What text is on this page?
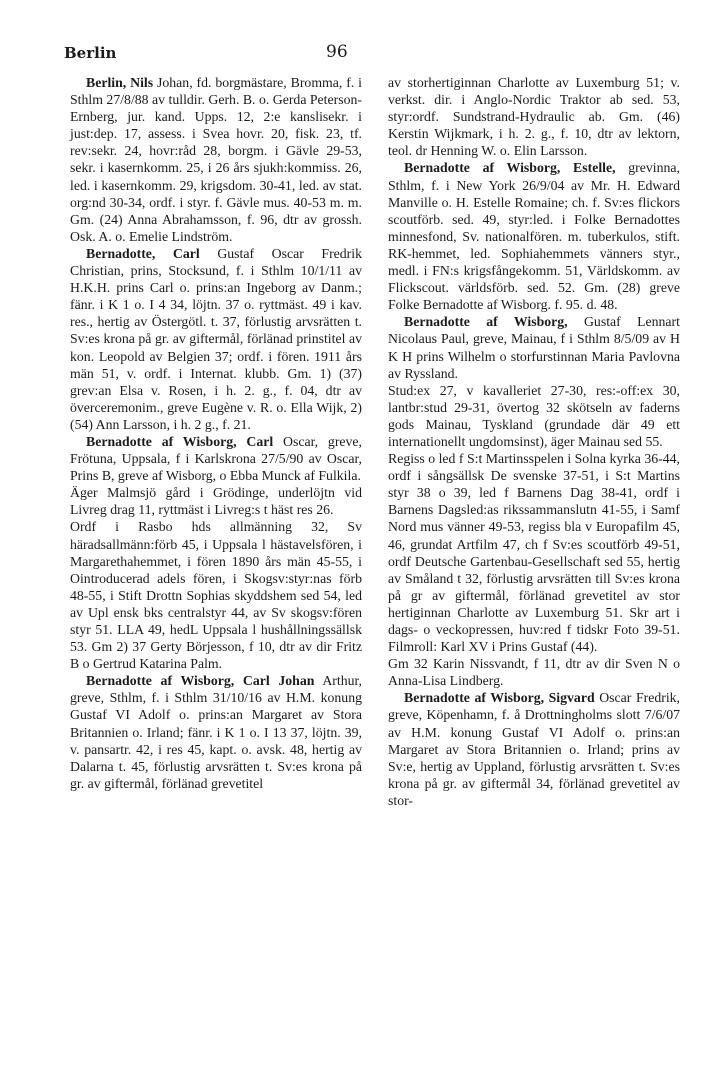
Berlin	96

Berlin, Nils Johan, fd. borgmästare, Bromma, f. i Sthlm 27/8/88 av tulldir. Gerh. B. o. Gerda Peterson-Ernberg, jur. kand. Upps. 12, 2:e kanslisekr. i just:dep. 17, assess. i Svea hovr. 20, fisk. 23, tf. rev:sekr. 24, hovr:råd 28, borgm. i Gävle 29-53, sekr. i kasernkomm. 25, i 26 års sjukh:kommiss. 26, led. i kasernkomm. 29, krigsdom. 30-41, led. av stat. org:nd 30-34, ordf. i styr. f. Gävle mus. 40-53 m. m. Gm. (24) Anna Abrahamsson, f. 96, dtr av grossh. Osk. A. o. Emelie Lindström.

Bernadotte, Carl Gustaf Oscar Fredrik Christian, prins, Stocksund, f. i Sthlm 10/1/11 av H.K.H. prins Carl o. prins:an Ingeborg av Danm.; fänr. i K 1 o. I 4 34, löjtn. 37 o. ryttmäst. 49 i kav. res., hertig av Östergötl. t. 37, förlustig arvsrätten t. Sv:es krona på gr. av giftermål, förlänad prinstitel av kon. Leopold av Belgien 37; ordf. i fören. 1911 års män 51, v. ordf. i Internat. klubb. Gm. 1) (37) grev:an Elsa v. Rosen, i h. 2. g., f. 04, dtr av överceremonim., greve Eugène v. R. o. Ella Wijk, 2) (54) Ann Larsson, i h. 2 g., f. 21.

Bernadotte af Wisborg, Carl Oscar, greve, Frötuna, Uppsala, f i Karlskrona 27/5/90 av Oscar, Prins B, greve af Wisborg, o Ebba Munck af Fulkila.

Äger Malmsjö gård i Grödinge, underlöjtn vid Livreg drag 11, ryttmäst i Livreg:s t häst res 26.

Ordf i Rasbo hds allmänning 32, Sv häradsallmänn:förb 45, i Uppsala l hästavelsfören, i Margarethahemmet, i fören 1890 års män 45-55, i Ointroducerad adels fören, i Skogsv:styr:nas förb 48-55, i Stift Drottn Sophias skyddshem sed 54, led av Upl ensk bks centralstyr 44, av Sv skogsv:fören styr 51. LLA 49, hedL Uppsala l hushållningssällsk 53. Gm 2) 37 Gerty Börjesson, f 10, dtr av dir Fritz B o Gertrud Katarina Palm.

Bernadotte af Wisborg, Carl Johan Arthur, greve, Sthlm, f. i Sthlm 31/10/16 av H.M. konung Gustaf VI Adolf o. prins:an Margaret av Stora Britannien o. Irland; fänr. i K 1 o. I 13 37, löjtn. 39, v. pansartr. 42, i res 45, kapt. o. avsk. 48, hertig av Dalarna t. 45, förlustig arvsrätten t. Sv:es krona på gr. av giftermål, förlänad grevetitel

av storhertiginnan Charlotte av Luxemburg 51; v. verkst. dir. i Anglo-Nordic Traktor ab sed. 53, styr:ordf. Sundstrand-Hydraulic ab. Gm. (46) Kerstin Wijkmark, i h. 2. g., f. 10, dtr av lektorn, teol. dr Henning W. o. Elin Larsson.

Bernadotte af Wisborg, Estelle, grevinna, Sthlm, f. i New York 26/9/04 av Mr. H. Edward Manville o. H. Estelle Romaine; ch. f. Sv:es flickors scoutförb. sed. 49, styr:led. i Folke Bernadottes minnesfond, Sv. nationalfören. m. tuberkulos, stift. RK-hemmet, led. Sophiahemmets vänners styr., medl. i FN:s krigsfångekomm. 51, Världskomm. av Flickscout. världsförb. sed. 52. Gm. (28) greve Folke Bernadotte af Wisborg. f. 95. d. 48.

Bernadotte af Wisborg, Gustaf Lennart Nicolaus Paul, greve, Mainau, f i Sthlm 8/5/09 av H K H prins Wilhelm o storfurstinnan Maria Pavlovna av Ryssland.

Stud:ex 27, v kavalleriet 27-30, res:-off:ex 30, lantbr:stud 29-31, övertog 32 skötseln av faderns gods Mainau, Tyskland (grundade där 49 ett internationellt ungdomsinst), äger Mainau sed 55.

Regiss o led f S:t Martinsspelen i Solna kyrka 36-44, ordf i sångsällsk De svenske 37-51, i S:t Martins styr 38 o 39, led f Barnens Dag 38-41, ordf i Barnens Dagsled:as rikssammanslutn 41-55, i Samf Nord mus vänner 49-53, regiss bla v Europafilm 45, 46, grundat Artfilm 47, ch f Sv:es scoutförb 49-51, ordf Deutsche Gartenbau-Gesellschaft sed 55, hertig av Småland t 32, förlustig arvsrätten till Sv:es krona på gr av giftermål, förlänad grevetitel av stor hertiginnan Charlotte av Luxemburg 51. Skr art i dags- o veckopressen, huv:red f tidskr Foto 39-51. Filmroll: Karl XV i Prins Gustaf (44).

Gm 32 Karin Nissvandt, f 11, dtr av dir Sven N o Anna-Lisa Lindberg.

Bernadotte af Wisborg, Sigvard Oscar Fredrik, greve, Köpenhamn, f. å Drottningholms slott 7/6/07 av H.M. konung Gustaf VI Adolf o. prins:an Margaret av Stora Britannien o. Irland; prins av Sv:e, hertig av Uppland, förlustig arvsrätten t. Sv:es krona på gr. av giftermål 34, förlänad grevetitel av stor-
